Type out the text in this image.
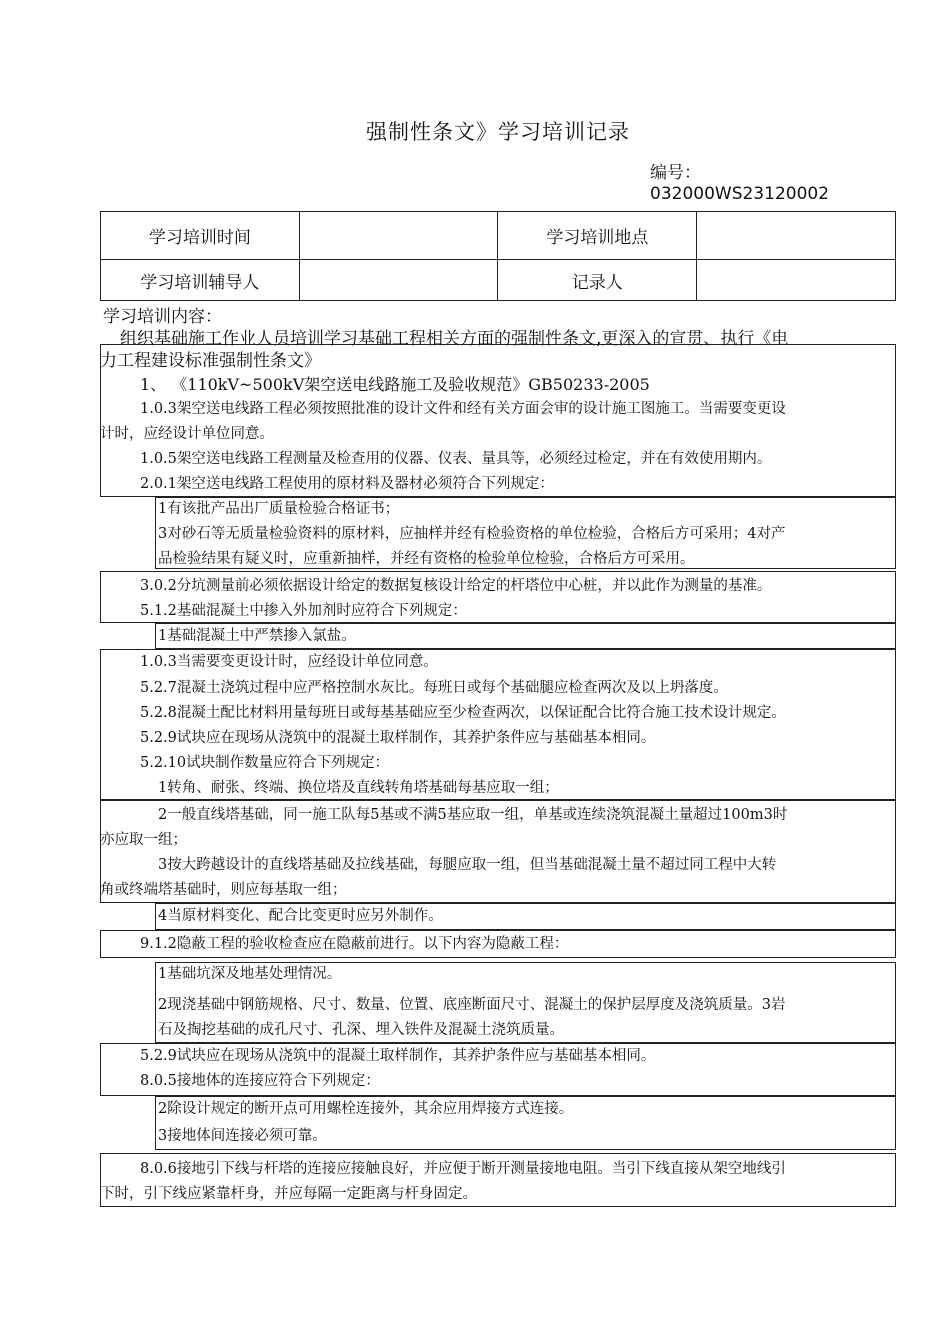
强制性条文》学习培训记录
编号：
032000WS23120002
学习培训时间		学习培训地点	
学习培训辅导人		记录人	
学习培训内容：
组织基础施工作业人员培训学习基础工程相关方面的强制性条文,更深入的宣贯、执行《电
力工程建设标准强制性条文》
1、 《110kV~500kV架空送电线路施工及验收规范》GB50233-2005
1.0.3架空送电线路工程必须按照批准的设计文件和经有关方面会审的设计施工图施工。当需要变更设
计时，应经设计单位同意。
1.0.5架空送电线路工程测量及检查用的仪器、仪表、量具等，必须经过检定，并在有效使用期内。
2.0.1架空送电线路工程使用的原材料及器材必须符合下列规定：
1有该批产品出厂质量检验合格证书；
3对砂石等无质量检验资料的原材料，应抽样并经有检验资格的单位检验，合格后方可采用；4对产
品检验结果有疑义时，应重新抽样，并经有资格的检验单位检验，合格后方可采用。
3.0.2分坑测量前必须依据设计给定的数据复核设计给定的杆塔位中心桩，并以此作为测量的基准。
5.1.2基础混凝土中掺入外加剂时应符合下列规定：
1基础混凝土中严禁掺入氯盐。
1.0.3当需要变更设计时，应经设计单位同意。
5.2.7混凝土浇筑过程中应严格控制水灰比。每班日或每个基础腿应检查两次及以上坍落度。
5.2.8混凝土配比材料用量每班日或每基基础应至少检查两次，以保证配合比符合施工技术设计规定。
5.2.9试块应在现场从浇筑中的混凝土取样制作，其养护条件应与基础基本相同。
5.2.10试块制作数量应符合下列规定：
1转角、耐张、终端、换位塔及直线转角塔基础每基应取一组；
2一般直线塔基础，同一施工队每5基或不满5基应取一组，单基或连续浇筑混凝土量超过100m3时
亦应取一组；
3按大跨越设计的直线塔基础及拉线基础，每腿应取一组，但当基础混凝土量不超过同工程中大转
角或终端塔基础时，则应每基取一组；
4当原材料变化、配合比变更时应另外制作。
9.1.2隐蔽工程的验收检查应在隐蔽前进行。以下内容为隐蔽工程：
1基础坑深及地基处理情况。
2现浇基础中钢筋规格、尺寸、数量、位置、底座断面尺寸、混凝土的保护层厚度及浇筑质量。3岩
石及掏挖基础的成孔尺寸、孔深、埋入铁件及混凝土浇筑质量。
5.2.9试块应在现场从浇筑中的混凝土取样制作，其养护条件应与基础基本相同。
8.0.5接地体的连接应符合下列规定：
2除设计规定的断开点可用螺栓连接外，其余应用焊接方式连接。
3接地体间连接必须可靠。
8.0.6接地引下线与杆塔的连接应接触良好，并应便于断开测量接地电阻。当引下线直接从架空地线引
下时，引下线应紧靠杆身，并应每隔一定距离与杆身固定。
